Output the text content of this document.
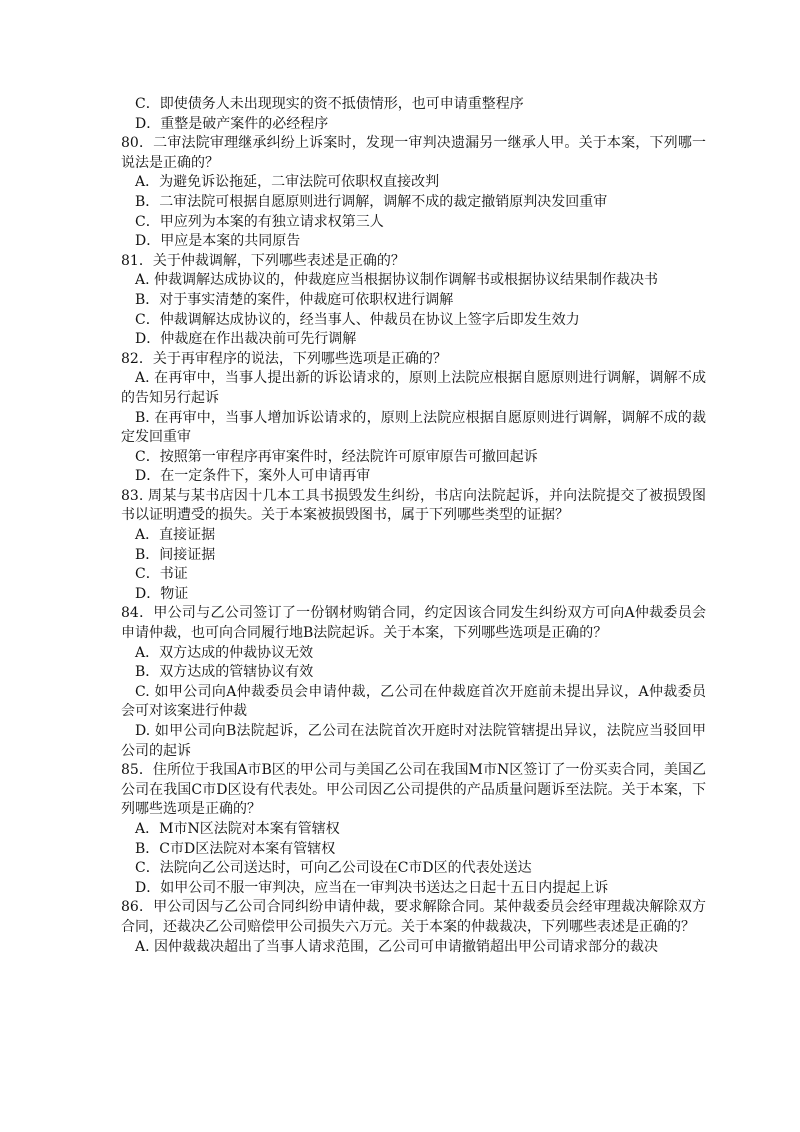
C．即使债务人未出现现实的资不抵债情形，也可申请重整程序
D．重整是破产案件的必经程序
80．二审法院审理继承纠纷上诉案时，发现一审判决遗漏另一继承人甲。关于本案，下列哪一说法是正确的？
A．为避免诉讼拖延，二审法院可依职权直接改判
B．二审法院可根据自愿原则进行调解，调解不成的裁定撤销原判决发回重审
C．甲应列为本案的有独立请求权第三人
D．甲应是本案的共同原告
81．关于仲裁调解，下列哪些表述是正确的？
A. 仲裁调解达成协议的，仲裁庭应当根据协议制作调解书或根据协议结果制作裁决书
B．对于事实清楚的案件，仲裁庭可依职权进行调解
C．仲裁调解达成协议的，经当事人、仲裁员在协议上签字后即发生效力
D．仲裁庭在作出裁决前可先行调解
82．关于再审程序的说法，下列哪些选项是正确的？
A. 在再审中，当事人提出新的诉讼请求的，原则上法院应根据自愿原则进行调解，调解不成的告知另行起诉
B. 在再审中，当事人增加诉讼请求的，原则上法院应根据自愿原则进行调解，调解不成的裁定发回重审
C．按照第一审程序再审案件时，经法院许可原审原告可撤回起诉
D．在一定条件下，案外人可申请再审
83. 周某与某书店因十几本工具书损毁发生纠纷，书店向法院起诉，并向法院提交了被损毁图书以证明遭受的损失。关于本案被损毁图书，属于下列哪些类型的证据？
A．直接证据
B．间接证据
C．书证
D．物证
84．甲公司与乙公司签订了一份钢材购销合同，约定因该合同发生纠纷双方可向A仲裁委员会申请仲裁，也可向合同履行地B法院起诉。关于本案，下列哪些选项是正确的？
A．双方达成的仲裁协议无效
B．双方达成的管辖协议有效
C. 如甲公司向A仲裁委员会申请仲裁，乙公司在仲裁庭首次开庭前未提出异议，A仲裁委员会可对该案进行仲裁
D. 如甲公司向B法院起诉，乙公司在法院首次开庭时对法院管辖提出异议，法院应当驳回甲公司的起诉
85．住所位于我国A市B区的甲公司与美国乙公司在我国M市N区签订了一份买卖合同，美国乙公司在我国C市D区设有代表处。甲公司因乙公司提供的产品质量问题诉至法院。关于本案，下列哪些选项是正确的？
A．M市N区法院对本案有管辖权
B．C市D区法院对本案有管辖权
C．法院向乙公司送达时，可向乙公司设在C市D区的代表处送达
D．如甲公司不服一审判决，应当在一审判决书送达之日起十五日内提起上诉
86．甲公司因与乙公司合同纠纷申请仲裁，要求解除合同。某仲裁委员会经审理裁决解除双方合同，还裁决乙公司赔偿甲公司损失六万元。关于本案的仲裁裁决，下列哪些表述是正确的？
A. 因仲裁裁决超出了当事人请求范围，乙公司可申请撤销超出甲公司请求部分的裁决
